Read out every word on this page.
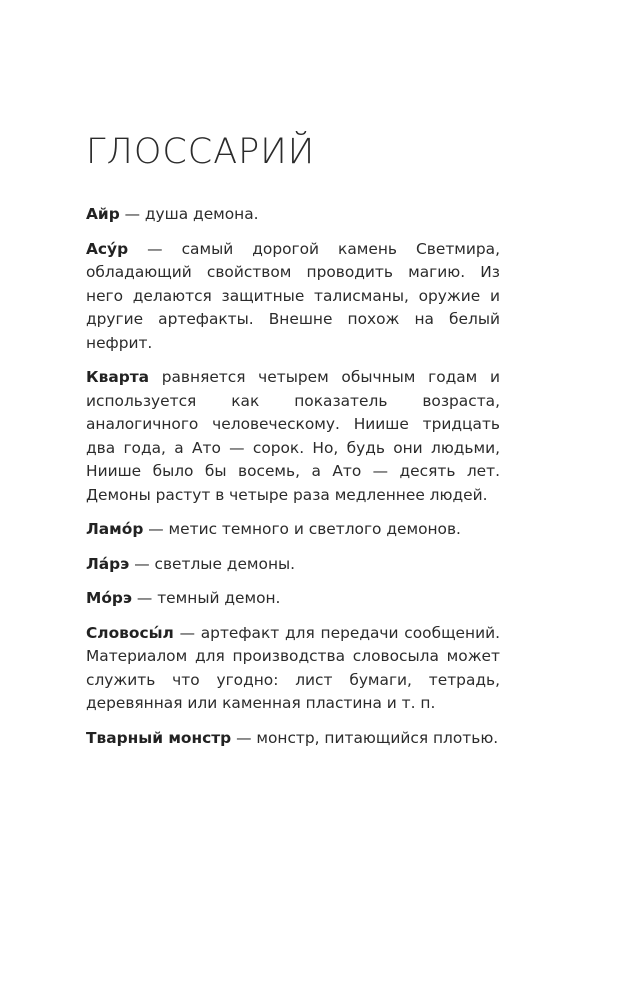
ГЛОССАРИЙ

Айр — душа демона.

Асу́р — самый дорогой камень Светмира, обладающий свойством проводить магию. Из него делаются защитные талисманы, оружие и другие артефакты. Внешне похож на белый нефрит.

Кварта равняется четырем обычным годам и используется как показатель возраста, аналогичного человеческому. Ниише тридцать два года, а Ато — сорок. Но, будь они людьми, Ниише было бы восемь, а Ато — десять лет. Демоны растут в четыре раза медленнее людей.

Ламо́р — метис темного и светлого демонов.

Ла́рэ — светлые демоны.

Мо́рэ — темный демон.

Словосы́л — артефакт для передачи сообщений. Материалом для производства словосыла может служить что угодно: лист бумаги, тетрадь, деревянная или каменная пластина и т. п.

Тварный монстр — монстр, питающийся плотью.
